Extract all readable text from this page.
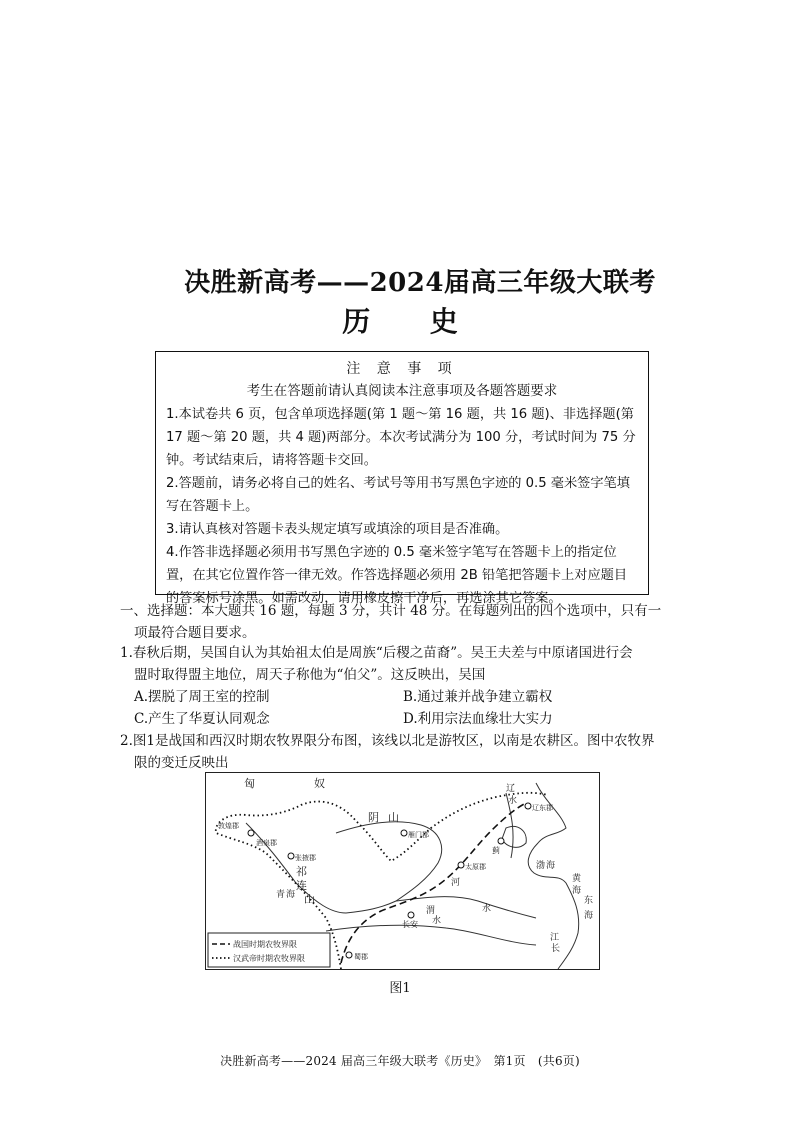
决胜新高考——2024届高三年级大联考
历 史
注 意 事 项
考生在答题前请认真阅读本注意事项及各题答题要求

1.本试卷共 6 页，包含单项选择题(第 1 题～第 16 题，共 16 题)、非选择题(第 17 题～第 20 题，共 4 题)两部分。本次考试满分为 100 分，考试时间为 75 分钟。考试结束后，请将答题卡交回。

2.答题前，请务必将自己的姓名、考试号等用书写黑色字迹的 0.5 毫米签字笔填写在答题卡上。

3.请认真核对答题卡表头规定填写或填涂的项目是否准确。

4.作答非选择题必须用书写黑色字迹的 0.5 毫米签字笔写在答题卡上的指定位置，在其它位置作答一律无效。作答选择题必须用 2B 铅笔把答题卡上对应题目的答案标号涂黑。如需改动，请用橡皮擦干净后，再选涂其它答案。

一、选择题：本大题共 16 题，每题 3 分，共计 48 分。在每题列出的四个选项中，只有一
项最符合题目要求。
1.春秋后期，吴国自认为其始祖太伯是周族“后稷之苗裔”。吴王夫差与中原诸国进行会
盟时取得盟主地位，周天子称他为“伯父”。这反映出，吴国
A.摆脱了周王室的控制	B.通过兼并战争建立霸权
C.产生了华夏认同观念	D.利用宗法血缘壮大实力
2.图1是战国和西汉时期农牧界限分布图，该线以北是游牧区，以南是农耕区。图中农牧界
限的变迁反映出
匈	奴
阴 山
祁
连
山
青 海
渤 海
东
海
黄
海
江
长
河
水
辽
水
渭
水
蓟
雁门郡
太原郡
长安
蜀郡
辽东郡
敦煌郡
酒泉郡
张掖郡
战国时期农牧界限
汉武帝时期农牧界限
图1
决胜新高考——2024 届高三年级大联考《历史》　第1页　(共6页)
